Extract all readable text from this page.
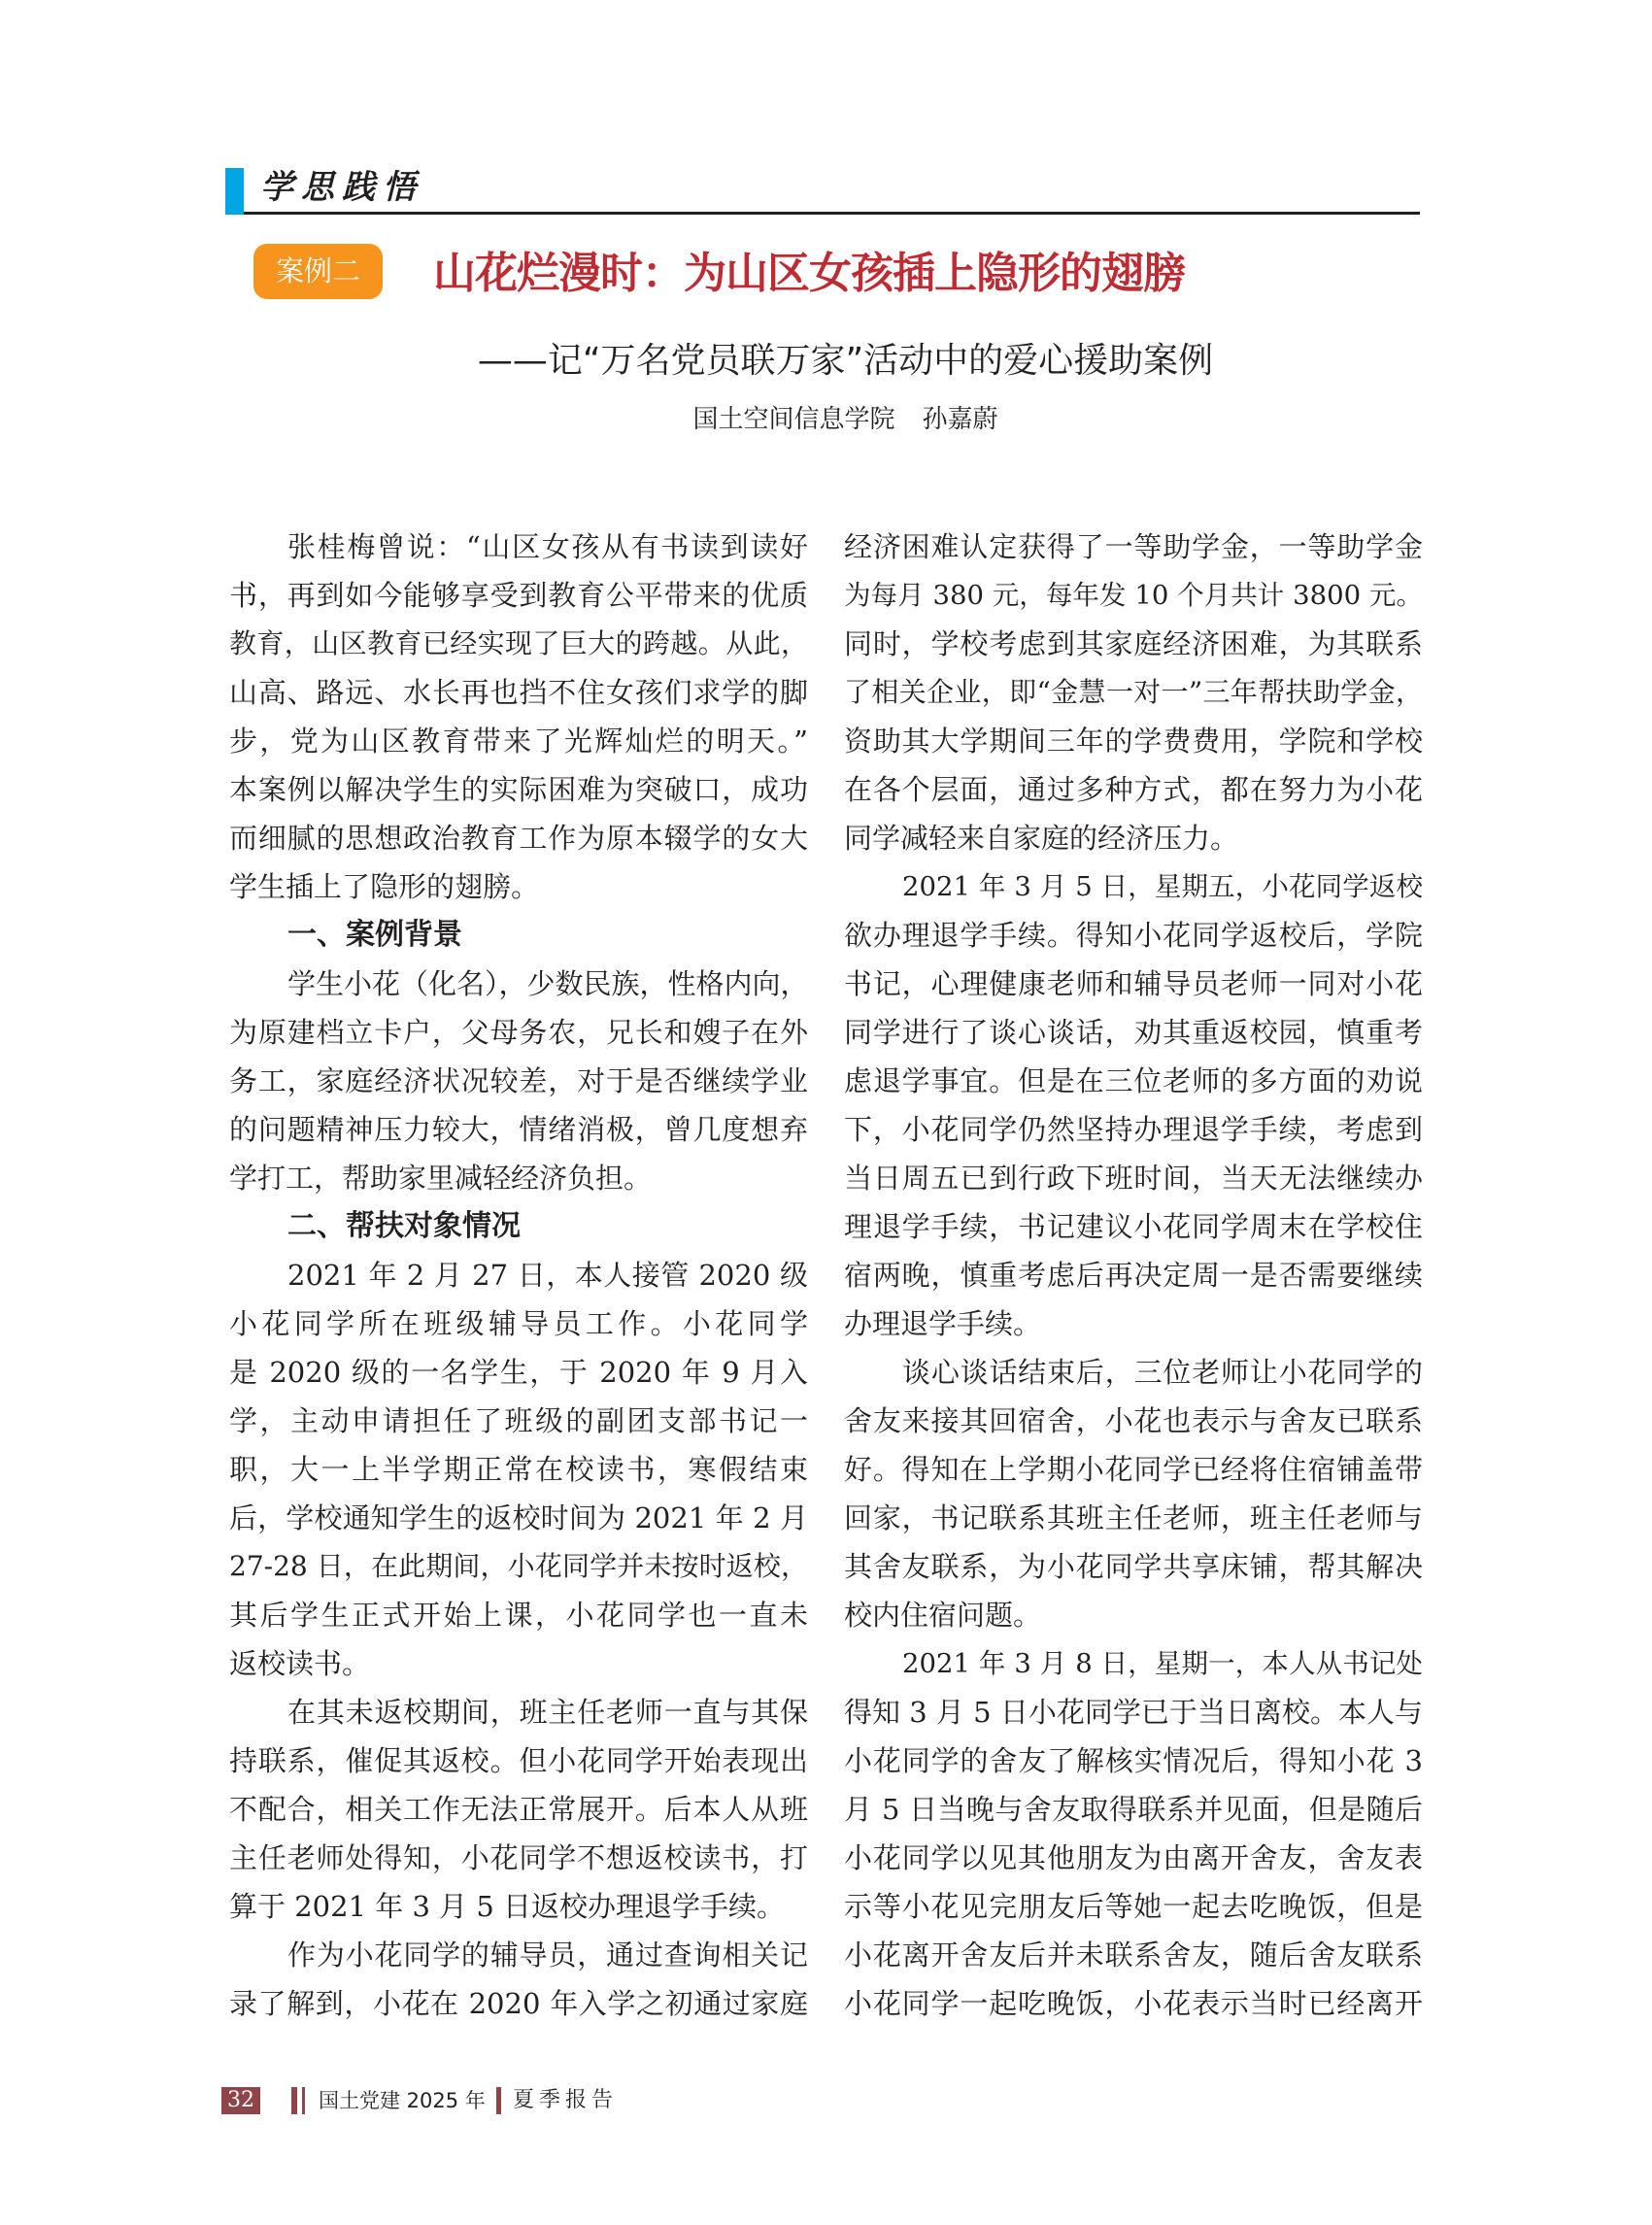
学思践悟
案例二	山花烂漫时：为山区女孩插上隐形的翅膀
——记“万名党员联万家”活动中的爱心援助案例
国土空间信息学院 孙嘉蔚
张桂梅曾说：“山区女孩从有书读到读好
书，再到如今能够享受到教育公平带来的优质
教育，山区教育已经实现了巨大的跨越。从此，
山高、路远、水长再也挡不住女孩们求学的脚
步，党为山区教育带来了光辉灿烂的明天。”
本案例以解决学生的实际困难为突破口，成功
而细腻的思想政治教育工作为原本辍学的女大
学生插上了隐形的翅膀。
一、案例背景
学生小花（化名），少数民族，性格内向，
为原建档立卡户，父母务农，兄长和嫂子在外
务工，家庭经济状况较差，对于是否继续学业
的问题精神压力较大，情绪消极，曾几度想弃
学打工，帮助家里减轻经济负担。
二、帮扶对象情况
2021 年 2 月 27 日，本人接管 2020 级
小花同学所在班级辅导员工作。小花同学
是 2020 级的一名学生，于 2020 年 9 月入
学，主动申请担任了班级的副团支部书记一
职，大一上半学期正常在校读书，寒假结束
后，学校通知学生的返校时间为 2021 年 2 月
27-28 日，在此期间，小花同学并未按时返校，
其后学生正式开始上课，小花同学也一直未
返校读书。
在其未返校期间，班主任老师一直与其保
持联系，催促其返校。但小花同学开始表现出
不配合，相关工作无法正常展开。后本人从班
主任老师处得知，小花同学不想返校读书，打
算于 2021 年 3 月 5 日返校办理退学手续。
作为小花同学的辅导员，通过查询相关记
录了解到，小花在 2020 年入学之初通过家庭
经济困难认定获得了一等助学金，一等助学金
为每月 380 元，每年发 10 个月共计 3800 元。
同时，学校考虑到其家庭经济困难，为其联系
了相关企业，即“金慧一对一”三年帮扶助学金，
资助其大学期间三年的学费费用，学院和学校
在各个层面，通过多种方式，都在努力为小花
同学减轻来自家庭的经济压力。
2021 年 3 月 5 日，星期五，小花同学返校
欲办理退学手续。得知小花同学返校后，学院
书记，心理健康老师和辅导员老师一同对小花
同学进行了谈心谈话，劝其重返校园，慎重考
虑退学事宜。但是在三位老师的多方面的劝说
下，小花同学仍然坚持办理退学手续，考虑到
当日周五已到行政下班时间，当天无法继续办
理退学手续，书记建议小花同学周末在学校住
宿两晚，慎重考虑后再决定周一是否需要继续
办理退学手续。
谈心谈话结束后，三位老师让小花同学的
舍友来接其回宿舍，小花也表示与舍友已联系
好。得知在上学期小花同学已经将住宿铺盖带
回家，书记联系其班主任老师，班主任老师与
其舍友联系，为小花同学共享床铺，帮其解决
校内住宿问题。
2021 年 3 月 8 日，星期一，本人从书记处
得知 3 月 5 日小花同学已于当日离校。本人与
小花同学的舍友了解核实情况后，得知小花 3
月 5 日当晚与舍友取得联系并见面，但是随后
小花同学以见其他朋友为由离开舍友，舍友表
示等小花见完朋友后等她一起去吃晚饭，但是
小花离开舍友后并未联系舍友，随后舍友联系
小花同学一起吃晚饭，小花表示当时已经离开
32	国土党建 2025 年 夏季报告
